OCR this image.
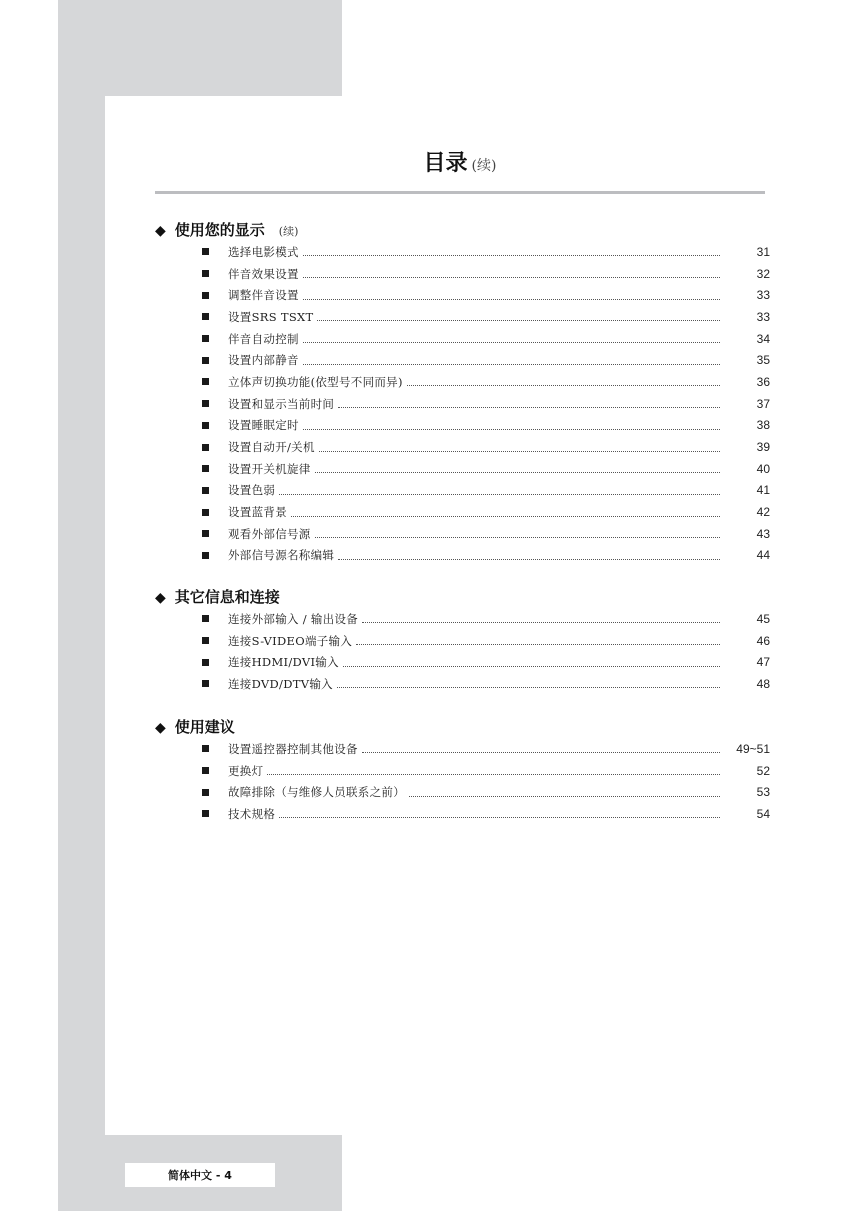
目录 (续)
◆ 使用您的显示 (续)
选择电影模式	31
伴音效果设置	32
调整伴音设置	33
设置SRS TSXT	33
伴音自动控制	34
设置内部静音	35
立体声切换功能(依型号不同而异)	36
设置和显示当前时间	37
设置睡眠定时	38
设置自动开/关机	39
设置开关机旋律	40
设置色弱	41
设置蓝背景	42
观看外部信号源	43
外部信号源名称编辑	44
◆ 其它信息和连接
连接外部输入 / 输出设备	45
连接S-VIDEO端子输入	46
连接HDMI/DVI输入	47
连接DVD/DTV输入	48
◆ 使用建议
设置遥控器控制其他设备	49~51
更换灯	52
故障排除（与维修人员联系之前）	53
技术规格	54
简体中文 - 4
